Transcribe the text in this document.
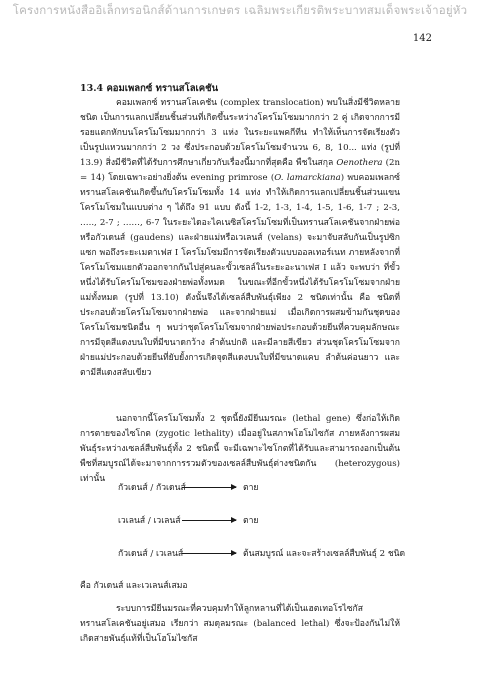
โครงการหนังสืออิเล็กทรอนิกส์ด้านการเกษตร เฉลิมพระเกียรติพระบาทสมเด็จพระเจ้าอยู่หัว
142
13.4 คอมเพลกซ์ ทรานสโลเคชัน
คอมเพลกซ์ ทรานสโลเคชัน (complex translocation) พบในสิ่งมีชีวิตหลายชนิด เป็นการแลกเปลี่ยนชิ้นส่วนที่เกิดขึ้นระหว่างโครโมโซมมากกว่า 2 คู่ เกิดจากการมีรอยแตกหักบนโครโมโซมมากกว่า 3 แห่ง ในระยะแพคกีทีน ทำให้เห็นการจัดเรียงตัวเป็นรูปแหวนมากกว่า 2 วง ซึ่งประกอบด้วยโครโมโซมจำนวน 6, 8, 10... แท่ง (รูปที่ 13.9) สิ่งมีชีวิตที่ได้รับการศึกษาเกี่ยวกับเรื่องนี้มากที่สุดคือ พืชในสกุล Oenothera (2n = 14) โดยเฉพาะอย่างยิ่งต้น evening primrose (O. lamarckiana) พบคอมเพลกซ์ ทรานสโลเคชันเกิดขึ้นกับโครโมโซมทั้ง 14 แท่ง ทำให้เกิดการแลกเปลี่ยนชิ้นส่วนแขนโครโมโซมในแบบต่าง ๆ ได้ถึง 91 แบบ ดังนี้ 1-2, 1-3, 1-4, 1-5, 1-6, 1-7 ; 2-3, ….., 2-7 ; ……, 6-7 ในระยะไดอะไคเนซิสโครโมโซมที่เป็นทรานสโลเคชันจากฝ่ายพ่อหรือกัวเดนส์ (gaudens) และฝ่ายแม่หรือเวเลนส์ (velans) จะมาจับสลับกันเป็นรูปซิกแซก พอถึงระยะเมตาเฟส I โครโมโซมมีการจัดเรียงตัวแบบออลเทอร์เนท ภายหลังจากที่โครโมโซมแยกตัวออกจากกันไปสู่คนละขั้วเซลล์ในระยะอะนาเฟส I แล้ว จะพบว่า ที่ขั้วหนึ่งได้รับโครโมโซมของฝ่ายพ่อทั้งหมด ในขณะที่อีกขั้วหนึ่งได้รับโครโมโซมจากฝ่ายแม่ทั้งหมด (รูปที่ 13.10) ดังนั้นจึงได้เซลล์สืบพันธุ์เพียง 2 ชนิดเท่านั้น คือ ชนิดที่ประกอบด้วยโครโมโซมจากฝ่ายพ่อ และจากฝ่ายแม่ เมื่อเกิดการผสมข้ามกันชุดของโครโมโซมชนิดอื่น ๆ พบว่าชุดโครโมโซมจากฝ่ายพ่อประกอบด้วยยีนที่ควบคุมลักษณะการมีจุดสีแดงบนใบที่มีขนาดกว้าง ลำต้นปกติ และมีลายสีเขียว ส่วนชุดโครโมโซมจากฝ่ายแม่ประกอบด้วยยีนที่ยับยั้งการเกิดจุดสีแดงบนใบที่มีขนาดแคบ ลำต้นค่อนยาว และตามีสีแดงสลับเขียว
นอกจากนี้โครโมโซมทั้ง 2 ชุดนี้ยังมียีนมรณะ (lethal gene) ซึ่งก่อให้เกิดการตายของไซโกต (zygotic lethality) เมื่ออยู่ในสภาพโฮโมไซกัส ภายหลังการผสมพันธุ์ระหว่างเซลล์สืบพันธุ์ทั้ง 2 ชนิดนี้ จะมีเฉพาะไซโกตที่ได้รับและสามารถงอกเป็นต้นพืชที่สมบูรณ์ได้จะมาจากการรวมตัวของเซลล์สืบพันธุ์ต่างชนิดกัน (heterozygous) เท่านั้น
กัวเดนส์ / กัวเดนส์	ตาย
เวเลนส์ / เวเลนส์	ตาย
กัวเดนส์ / เวเลนส์	ต้นสมบูรณ์ และจะสร้างเซลล์สืบพันธุ์ 2 ชนิด
คือ กัวเดนส์ และเวเลนส์เสมอ
ระบบการมียีนมรณะที่ควบคุมทำให้ลูกหลานที่ได้เป็นเฮตเทอโรไซกัส ทรานสโลเคชันอยู่เสมอ เรียกว่า สมดุลมรณะ (balanced lethal) ซึ่งจะป้องกันไม่ให้เกิดสายพันธุ์แท้ที่เป็นโฮโมไซกัส
